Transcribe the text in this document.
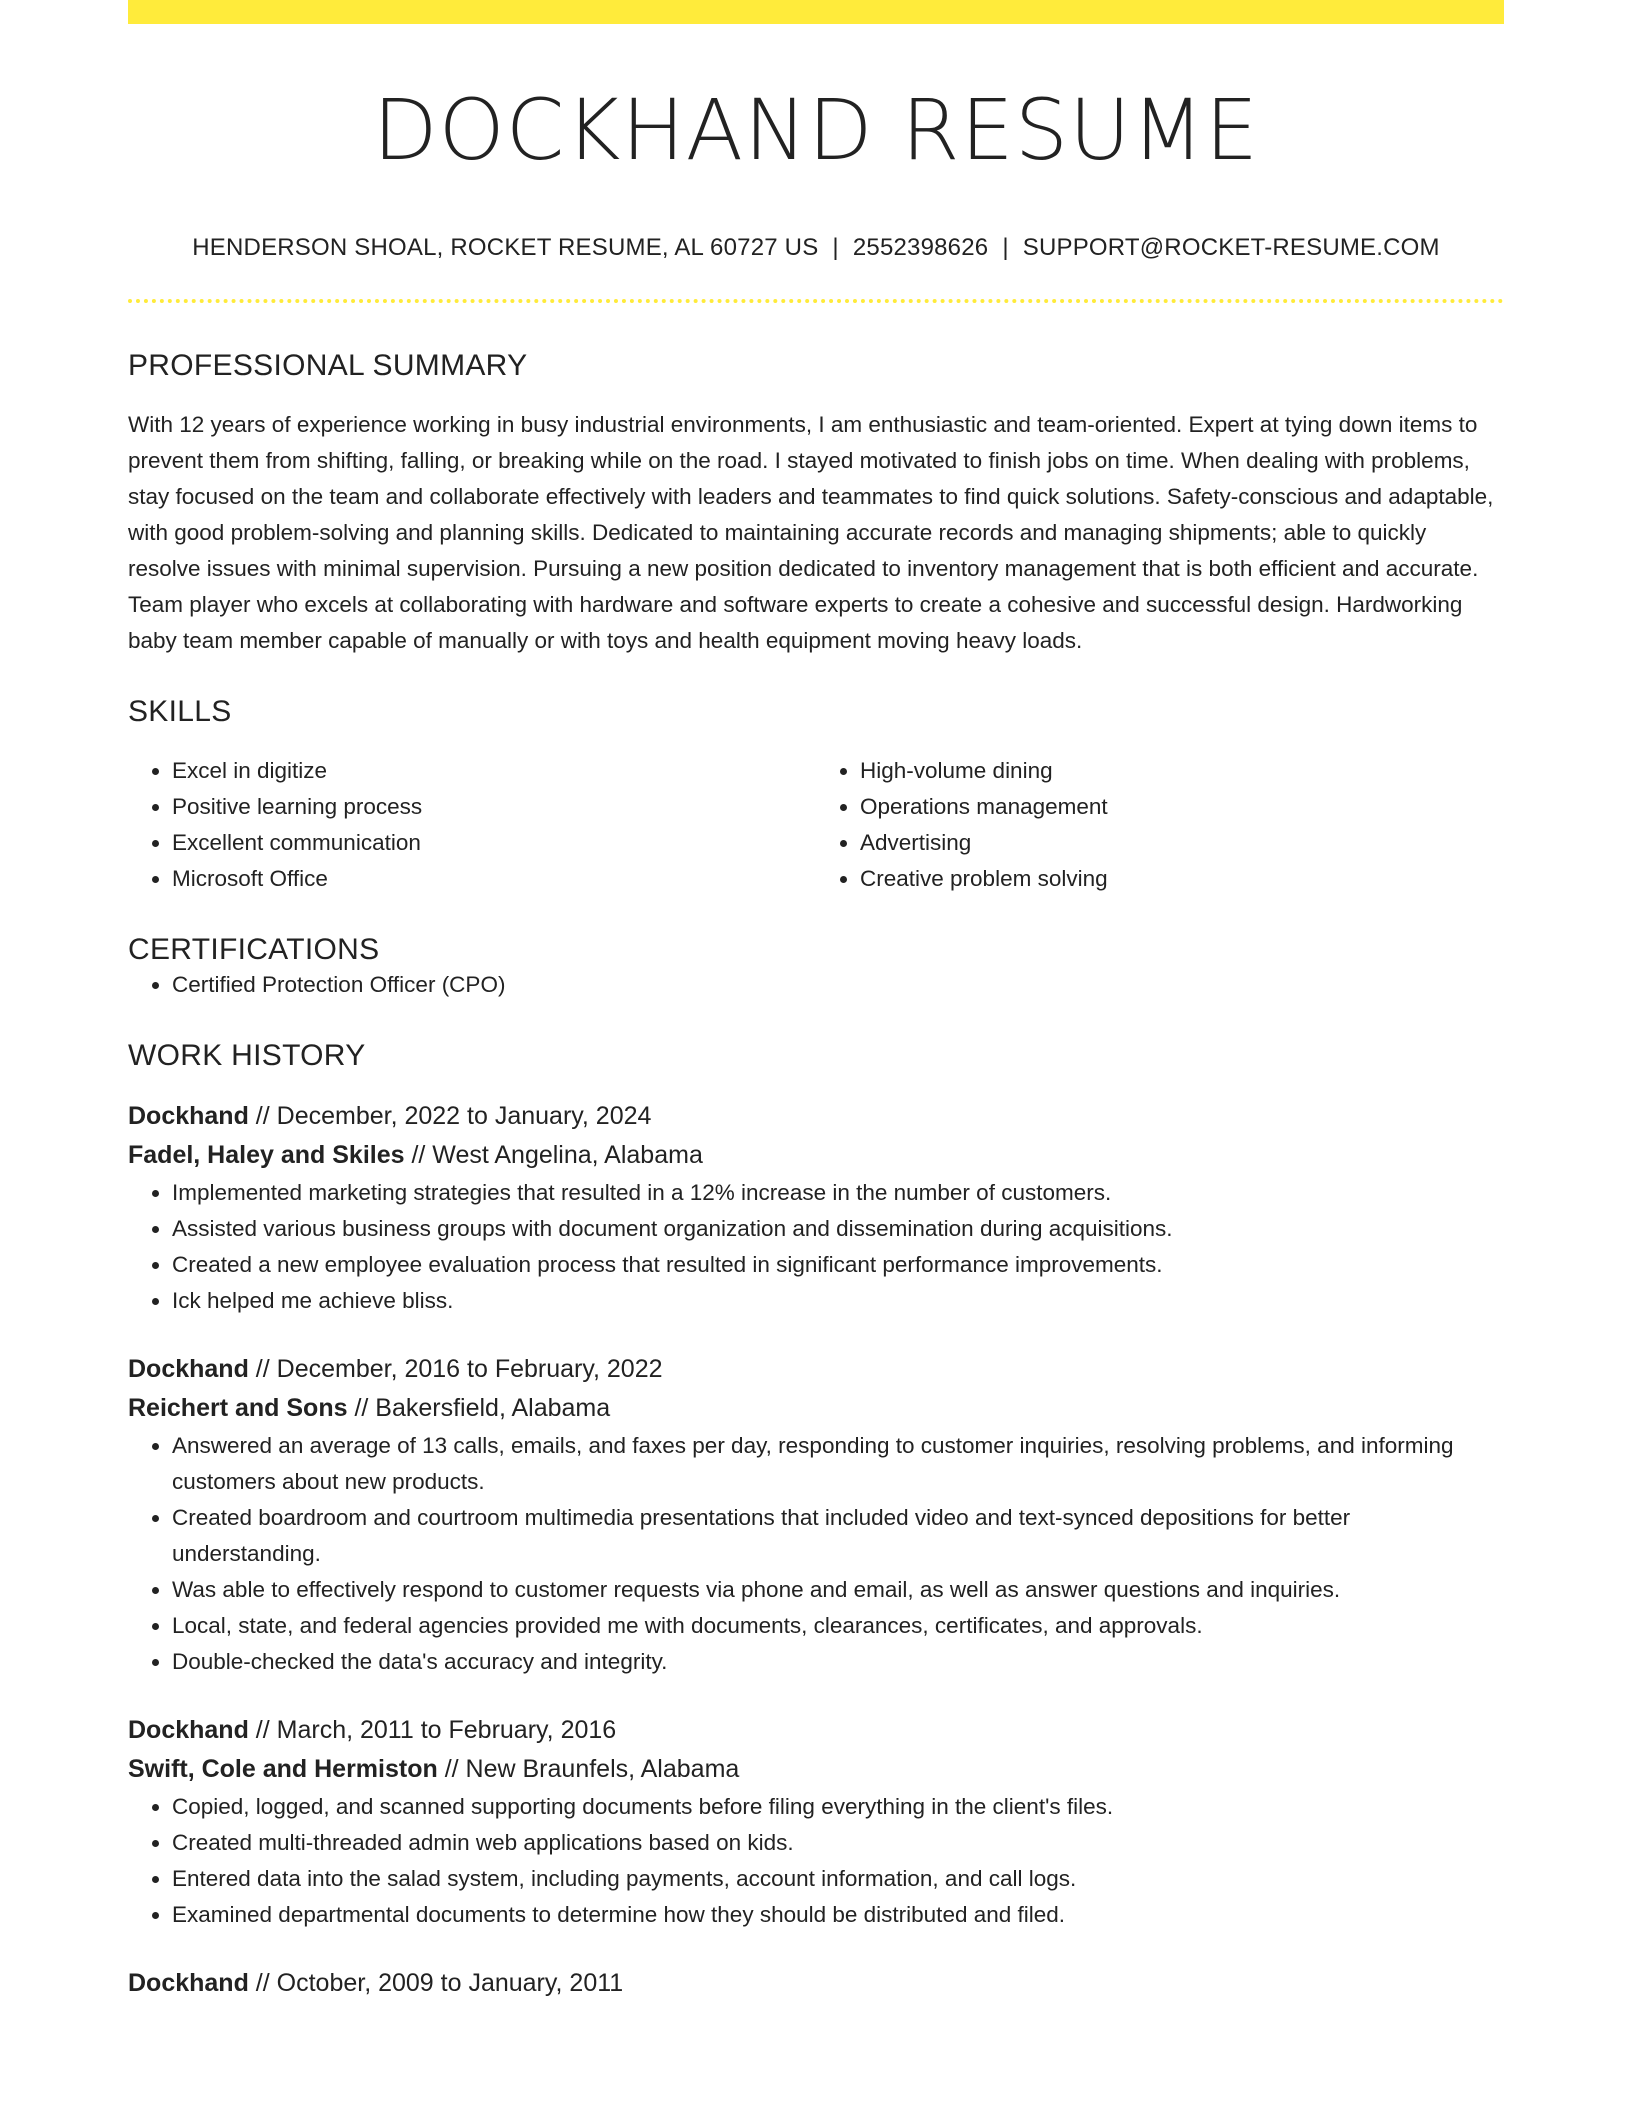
DOCKHAND RESUME
HENDERSON SHOAL, ROCKET RESUME, AL 60727 US | 2552398626 | SUPPORT@ROCKET-RESUME.COM
PROFESSIONAL SUMMARY
With 12 years of experience working in busy industrial environments, I am enthusiastic and team-oriented. Expert at tying down items to prevent them from shifting, falling, or breaking while on the road. I stayed motivated to finish jobs on time. When dealing with problems, stay focused on the team and collaborate effectively with leaders and teammates to find quick solutions. Safety-conscious and adaptable, with good problem-solving and planning skills. Dedicated to maintaining accurate records and managing shipments; able to quickly resolve issues with minimal supervision. Pursuing a new position dedicated to inventory management that is both efficient and accurate. Team player who excels at collaborating with hardware and software experts to create a cohesive and successful design. Hardworking baby team member capable of manually or with toys and health equipment moving heavy loads.
SKILLS
• Excel in digitize
• Positive learning process
• Excellent communication
• Microsoft Office
• High-volume dining
• Operations management
• Advertising
• Creative problem solving
CERTIFICATIONS
• Certified Protection Officer (CPO)
WORK HISTORY
Dockhand // December, 2022 to January, 2024
Fadel, Haley and Skiles // West Angelina, Alabama
• Implemented marketing strategies that resulted in a 12% increase in the number of customers.
• Assisted various business groups with document organization and dissemination during acquisitions.
• Created a new employee evaluation process that resulted in significant performance improvements.
• Ick helped me achieve bliss.
Dockhand // December, 2016 to February, 2022
Reichert and Sons // Bakersfield, Alabama
• Answered an average of 13 calls, emails, and faxes per day, responding to customer inquiries, resolving problems, and informing customers about new products.
• Created boardroom and courtroom multimedia presentations that included video and text-synced depositions for better understanding.
• Was able to effectively respond to customer requests via phone and email, as well as answer questions and inquiries.
• Local, state, and federal agencies provided me with documents, clearances, certificates, and approvals.
• Double-checked the data's accuracy and integrity.
Dockhand // March, 2011 to February, 2016
Swift, Cole and Hermiston // New Braunfels, Alabama
• Copied, logged, and scanned supporting documents before filing everything in the client's files.
• Created multi-threaded admin web applications based on kids.
• Entered data into the salad system, including payments, account information, and call logs.
• Examined departmental documents to determine how they should be distributed and filed.
Dockhand // October, 2009 to January, 2011
